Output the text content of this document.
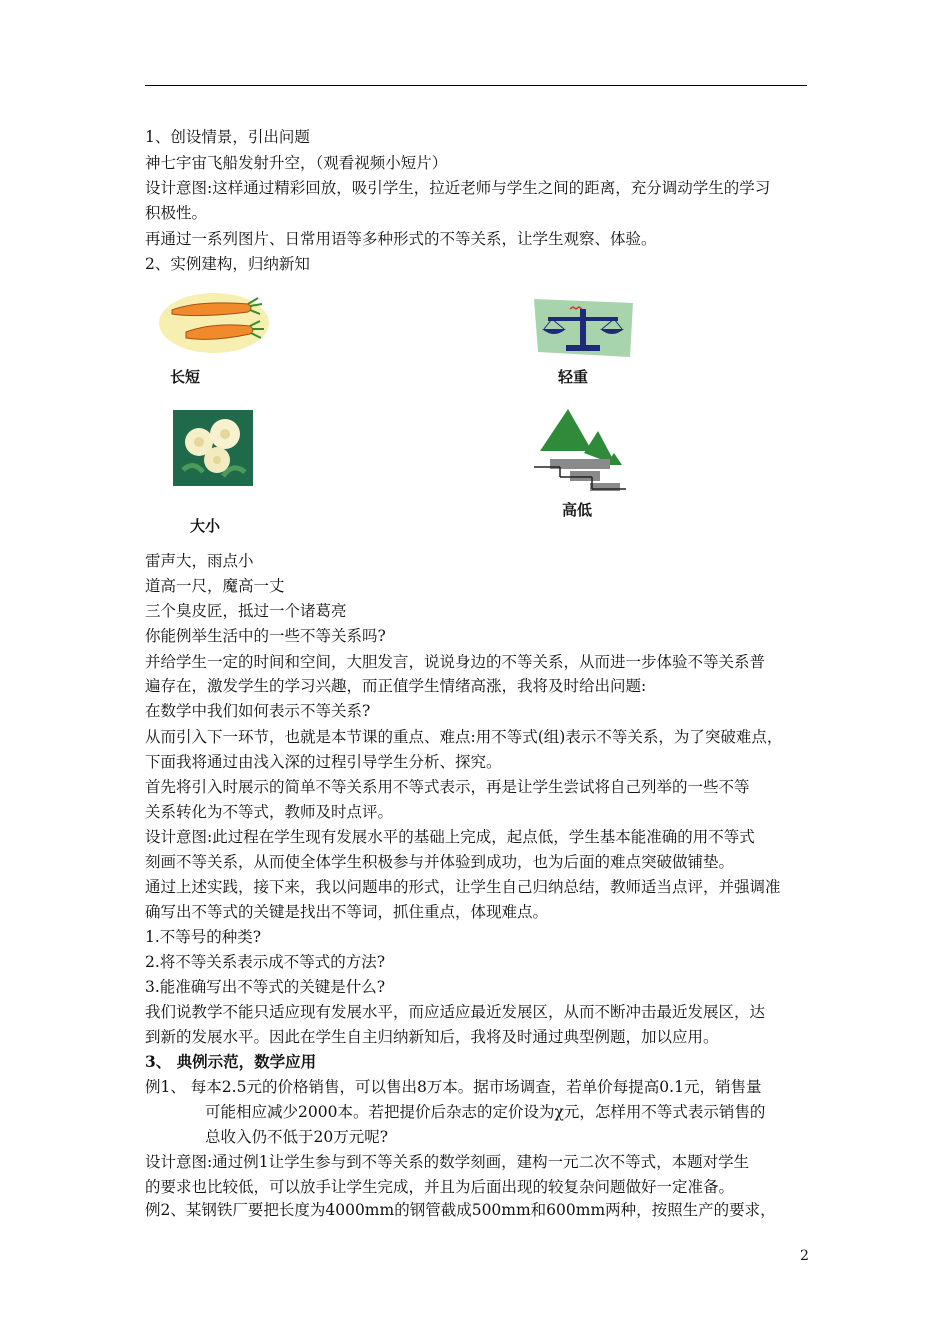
1、创设情景，引出问题
神七宇宙飞船发射升空，（观看视频小短片）
设计意图:这样通过精彩回放，吸引学生，拉近老师与学生之间的距离，充分调动学生的学习
积极性。
再通过一系列图片、日常用语等多种形式的不等关系，让学生观察、体验。
2、实例建构，归纳新知
长短	轻重
大小
高低
雷声大，雨点小
道高一尺，魔高一丈
三个臭皮匠，抵过一个诸葛亮
你能例举生活中的一些不等关系吗?
并给学生一定的时间和空间，大胆发言，说说身边的不等关系，从而进一步体验不等关系普
遍存在，激发学生的学习兴趣，而正值学生情绪高涨，我将及时给出问题:
在数学中我们如何表示不等关系?
从而引入下一环节，也就是本节课的重点、难点:用不等式(组)表示不等关系，为了突破难点，
下面我将通过由浅入深的过程引导学生分析、探究。
首先将引入时展示的简单不等关系用不等式表示，再是让学生尝试将自己列举的一些不等
关系转化为不等式，教师及时点评。
设计意图:此过程在学生现有发展水平的基础上完成，起点低，学生基本能准确的用不等式
刻画不等关系，从而使全体学生积极参与并体验到成功，也为后面的难点突破做铺垫。
通过上述实践，接下来，我以问题串的形式，让学生自己归纳总结，教师适当点评，并强调准
确写出不等式的关键是找出不等词，抓住重点，体现难点。
1.不等号的种类?
2.将不等关系表示成不等式的方法?
3.能准确写出不等式的关键是什么?
我们说教学不能只适应现有发展水平，而应适应最近发展区，从而不断冲击最近发展区，达
到新的发展水平。因此在学生自主归纳新知后，我将及时通过典型例题，加以应用。
3、 典例示范，数学应用
例1、 每本2.5元的价格销售，可以售出8万本。据市场调查，若单价每提高0.1元，销售量
可能相应减少2000本。若把提价后杂志的定价设为χ元，怎样用不等式表示销售的
总收入仍不低于20万元呢?
设计意图:通过例1让学生参与到不等关系的数学刻画，建构一元二次不等式，本题对学生
的要求也比较低，可以放手让学生完成，并且为后面出现的较复杂问题做好一定准备。
例2、某钢铁厂要把长度为4000mm的钢管截成500mm和600mm两种，按照生产的要求，
2
